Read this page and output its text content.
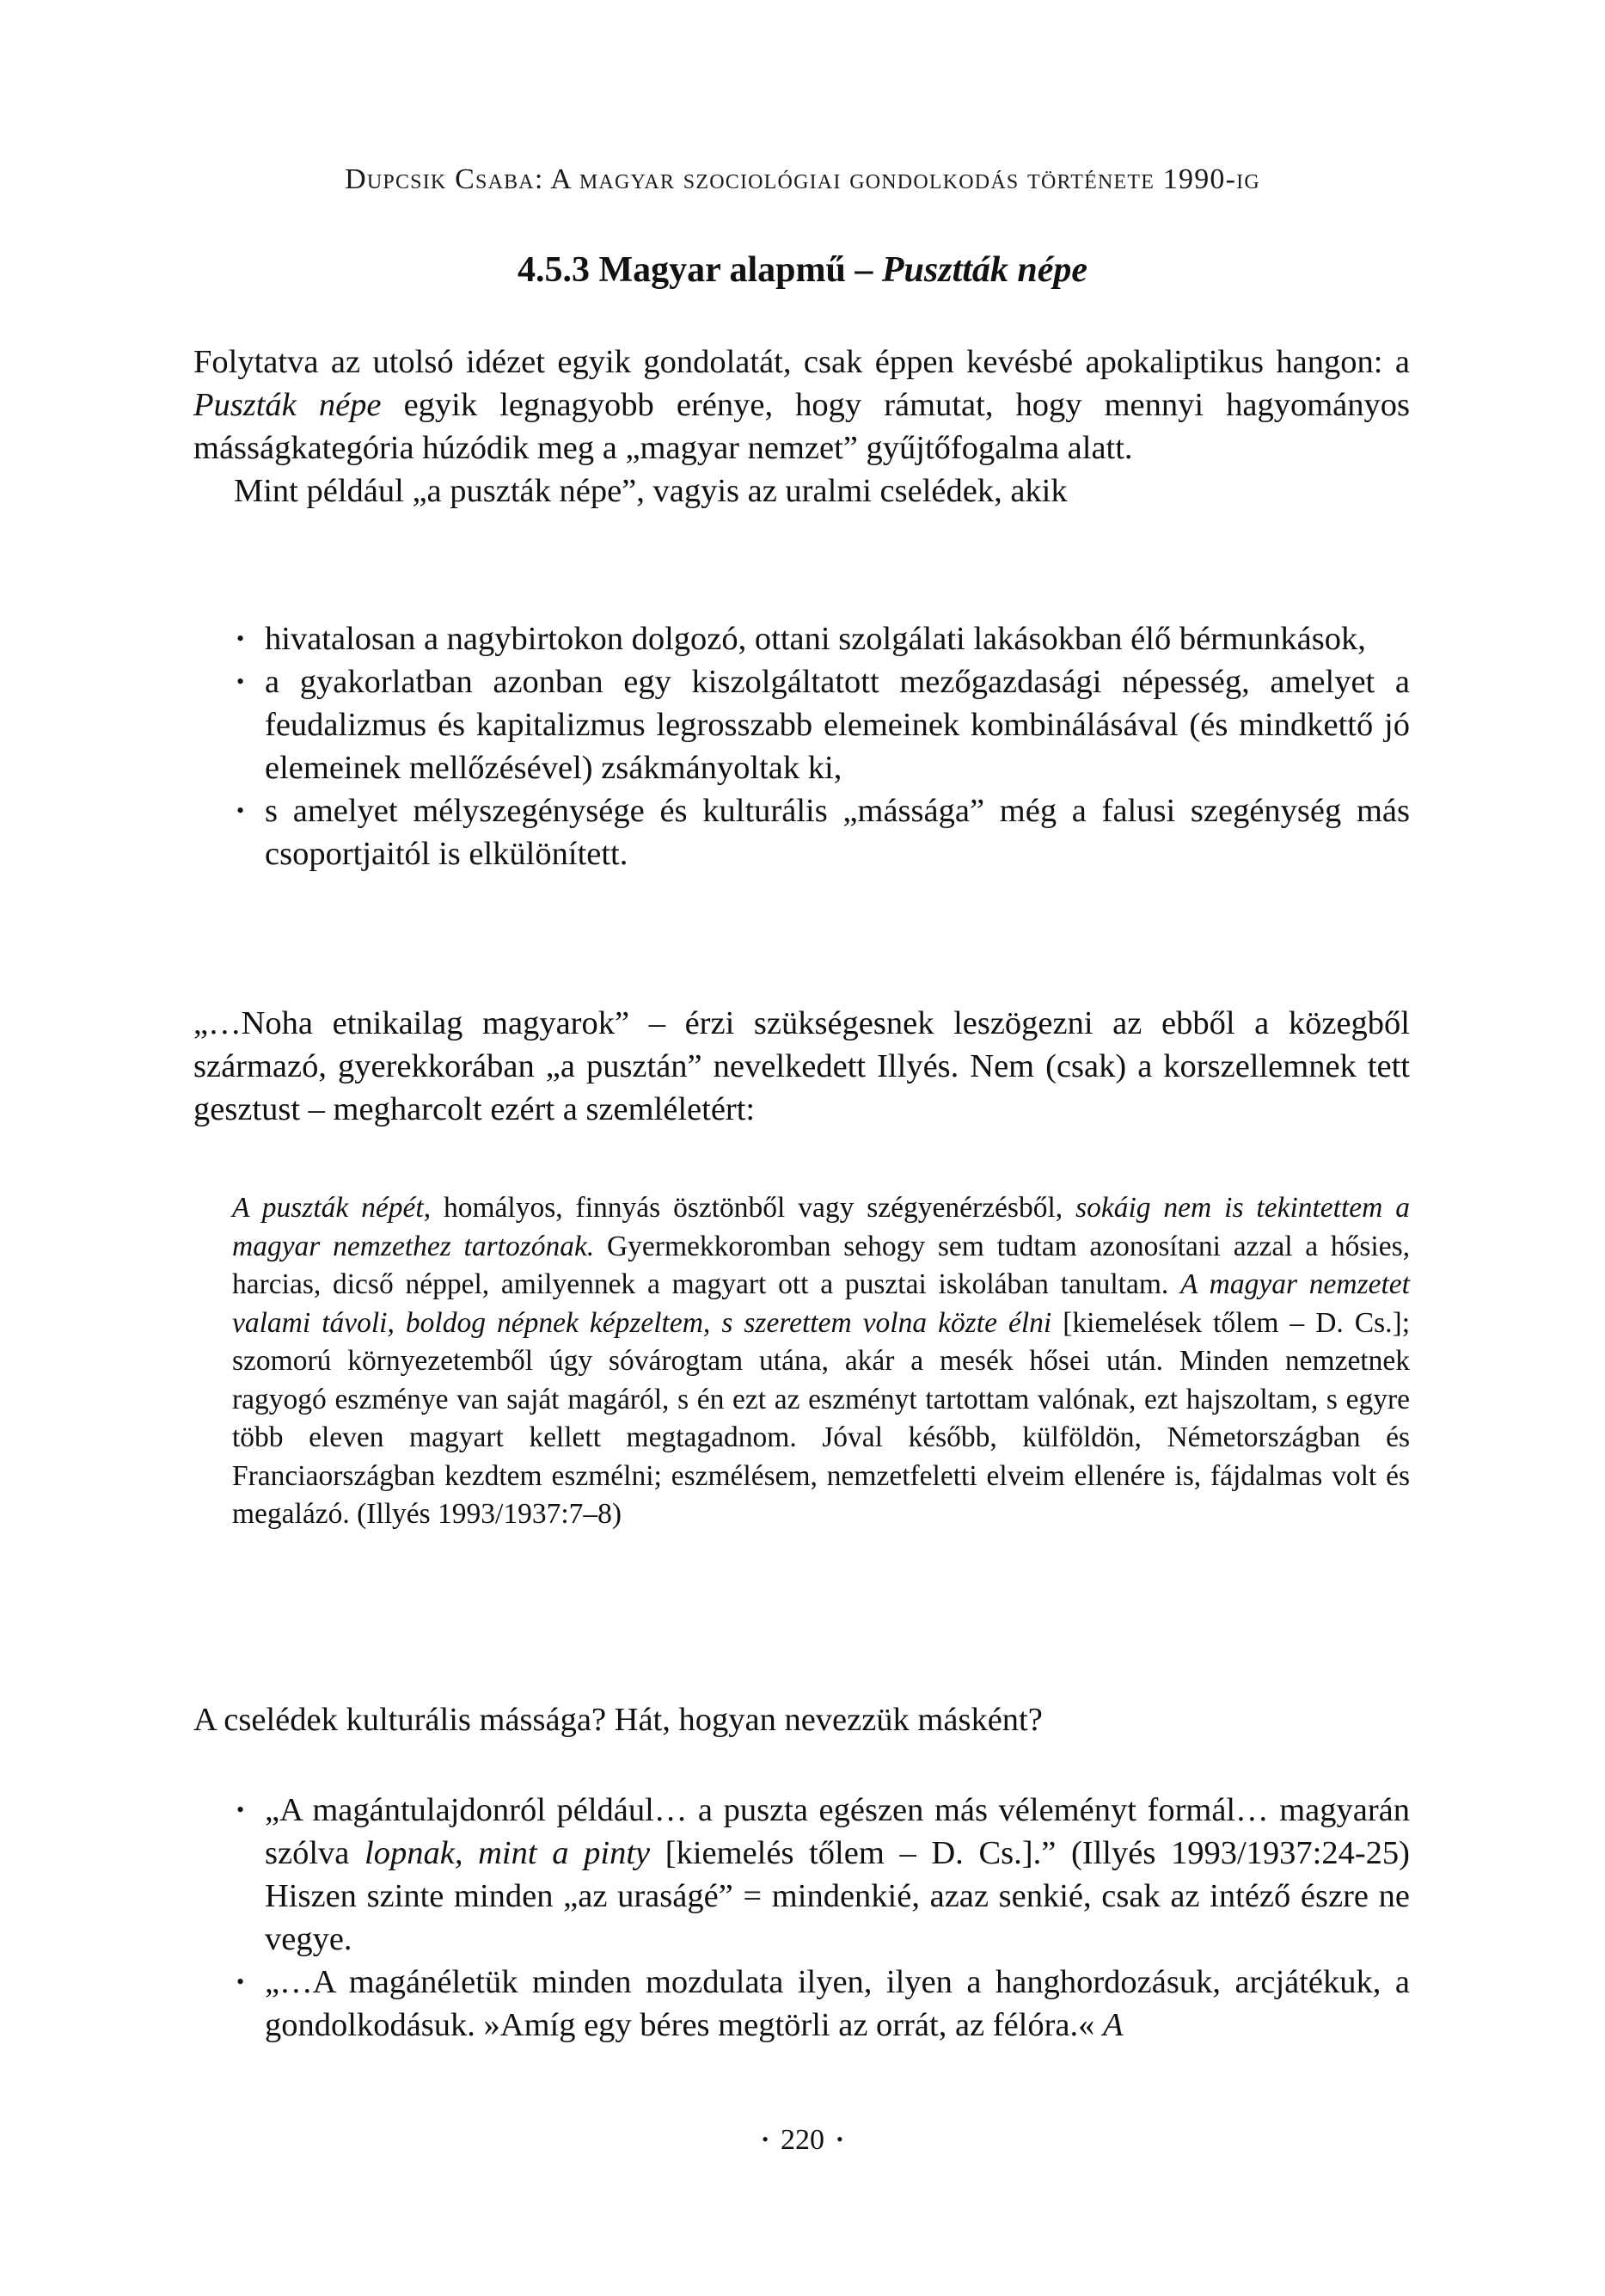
Dupcsik Csaba: A magyar szociológiai gondolkodás története 1990-ig
4.5.3 Magyar alapmű – Pusztták népe

Folytatva az utolsó idézet egyik gondolatát, csak éppen kevésbé apokaliptikus hangon: a Puszták népe egyik legnagyobb erénye, hogy rámutat, hogy mennyi hagyományos másságkategória húzódik meg a „magyar nemzet” gyűjtőfogalma alatt.

Mint például „a puszták népe”, vagyis az uralmi cselédek, akik

• hivatalosan a nagybirtokon dolgozó, ottani szolgálati lakásokban élő bérmunkások,
• a gyakorlatban azonban egy kiszolgáltatott mezőgazdasági népesség, amelyet a feudalizmus és kapitalizmus legrosszabb elemeinek kombinálásával (és mindkettő jó elemeinek mellőzésével) zsákmányoltak ki,
• s amelyet mélyszegénysége és kulturális „mássága” még a falusi szegénység más csoportjaitól is elkülönített.

„…Noha etnikailag magyarok” – érzi szükségesnek leszögezni az ebből a közegből származó, gyerekkorában „a pusztán” nevelkedett Illyés. Nem (csak) a korszellemnek tett gesztust – megharcolt ezért a szemléletért:

A puszták népét, homályos, finnyás ösztönből vagy szégyenérzésből, sokáig nem is tekintettem a magyar nemzethez tartozónak. Gyermekkoromban sehogy sem tudtam azonosítani azzal a hősies, harcias, dicső néppel, amilyennek a magyart ott a pusztai iskolában tanultam. A magyar nemzetet valami távoli, boldog népnek képzeltem, s szerettem volna közte élni [kiemelések tőlem – D. Cs.]; szomorú környezetemből úgy sóvárogtam utána, akár a mesék hősei után. Minden nemzetnek ragyogó eszménye van saját magáról, s én ezt az eszményt tartottam valónak, ezt hajszoltam, s egyre több eleven magyart kellett megtagadnom. Jóval később, külföldön, Németországban és Franciaországban kezdtem eszmélni; eszmélésem, nemzetfeletti elveim ellenére is, fájdalmas volt és megalázó. (Illyés 1993/1937:7–8)

A cselédek kulturális mássága? Hát, hogyan nevezzük másként?

• „A magántulajdonról például… a puszta egészen más véleményt formál… magyarán szólva lopnak, mint a pinty [kiemelés tőlem – D. Cs.].” (Illyés 1993/1937:24-25) Hiszen szinte minden „az uraságé” = mindenkié, azaz senkié, csak az intéző észre ne vegye.
• „…A magánéletük minden mozdulata ilyen, ilyen a hanghordozásuk, arcjátékuk, a gondolkodásuk. »Amíg egy béres megtörli az orrát, az félóra.« A
• 220 •
